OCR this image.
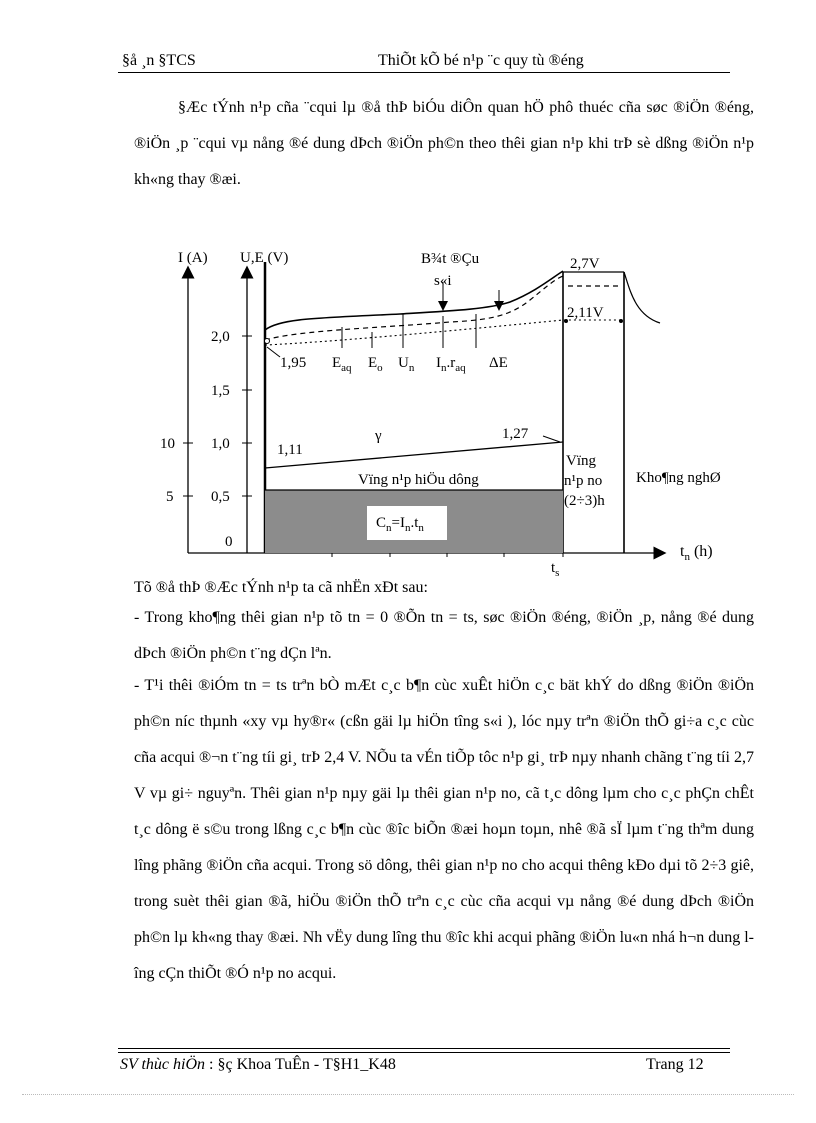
§å ¸n §TCS	ThiÕt kÕ bé n¹p ¨c quy tù ®éng

§Æc tÝnh n¹p cña ¨cqui lµ ®å thÞ biÓu diÔn quan hÖ phô thuéc cña søc ®iÖn ®éng, ®iÖn ¸p ¨cqui vµ nång ®é dung dÞch ®iÖn ph©n theo thêi gian n¹p khi trÞ sè dßng ®iÖn n¹p kh«ng thay ®æi.

I (A) U,E (V)
2,0
1,5
1,0
0,5
0
10
5
$t_n$ (h)
$t_s$
B¾t ®Çu
s«i
2,7V
2,11V
1,95 $E_{aq}$ $E_o$ $U_n$ $I_n.r_{aq}$ ΔE
1,11
1,27
γ
Vïng n¹p hiÖu dông
Vïng
n¹p no
(2÷3)h
Kho¶ng nghØ
$C_n=I_n.t_n$

Tõ ®å thÞ ®Æc tÝnh n¹p ta cã nhËn xÐt sau:

- Trong kho¶ng thêi gian n¹p tõ tn = 0 ®Õn tn = ts, søc ®iÖn ®éng, ®iÖn ¸p, nång ®é dung dÞch ®iÖn ph©n t¨ng dÇn lªn.

- T¹i thêi ®iÓm tn = ts trªn bÒ mÆt c¸c b¶n cùc xuÊt hiÖn c¸c bät khÝ do dßng ®iÖn ®iÖn ph©n níc thµnh «xy vµ hy®r« (cßn gäi lµ hiÖn tîng s«i ), lóc nµy trªn ®iÖn thÕ gi÷a c¸c cùc cña acqui ®¬n t¨ng tíi gi¸ trÞ 2,4 V. NÕu ta vÉn tiÕp tôc n¹p gi¸ trÞ nµy nhanh chãng t¨ng tíi 2,7 V vµ gi÷ nguyªn. Thêi gian n¹p nµy gäi lµ thêi gian n¹p no, cã t¸c dông lµm cho c¸c phÇn chÊt t¸c dông ë s©u trong lßng c¸c b¶n cùc ®îc biÕn ®æi hoµn toµn, nhê ®ã sÏ lµm t¨ng thªm dung lîng phãng ®iÖn cña acqui. Trong sö dông, thêi gian n¹p no cho acqui thêng kÐo dµi tõ 2÷3 giê, trong suèt thêi gian ®ã, hiÖu ®iÖn thÕ trªn c¸c cùc cña acqui vµ nång ®é dung dÞch ®iÖn ph©n lµ kh«ng thay ®æi. Nh vËy dung lîng thu ®îc khi acqui phãng ®iÖn lu«n nhá h¬n dung lîng cÇn thiÕt ®Ó n¹p no acqui.

SV thùc hiÖn : §ç Khoa TuÊn - T§H1_K48	Trang 12
